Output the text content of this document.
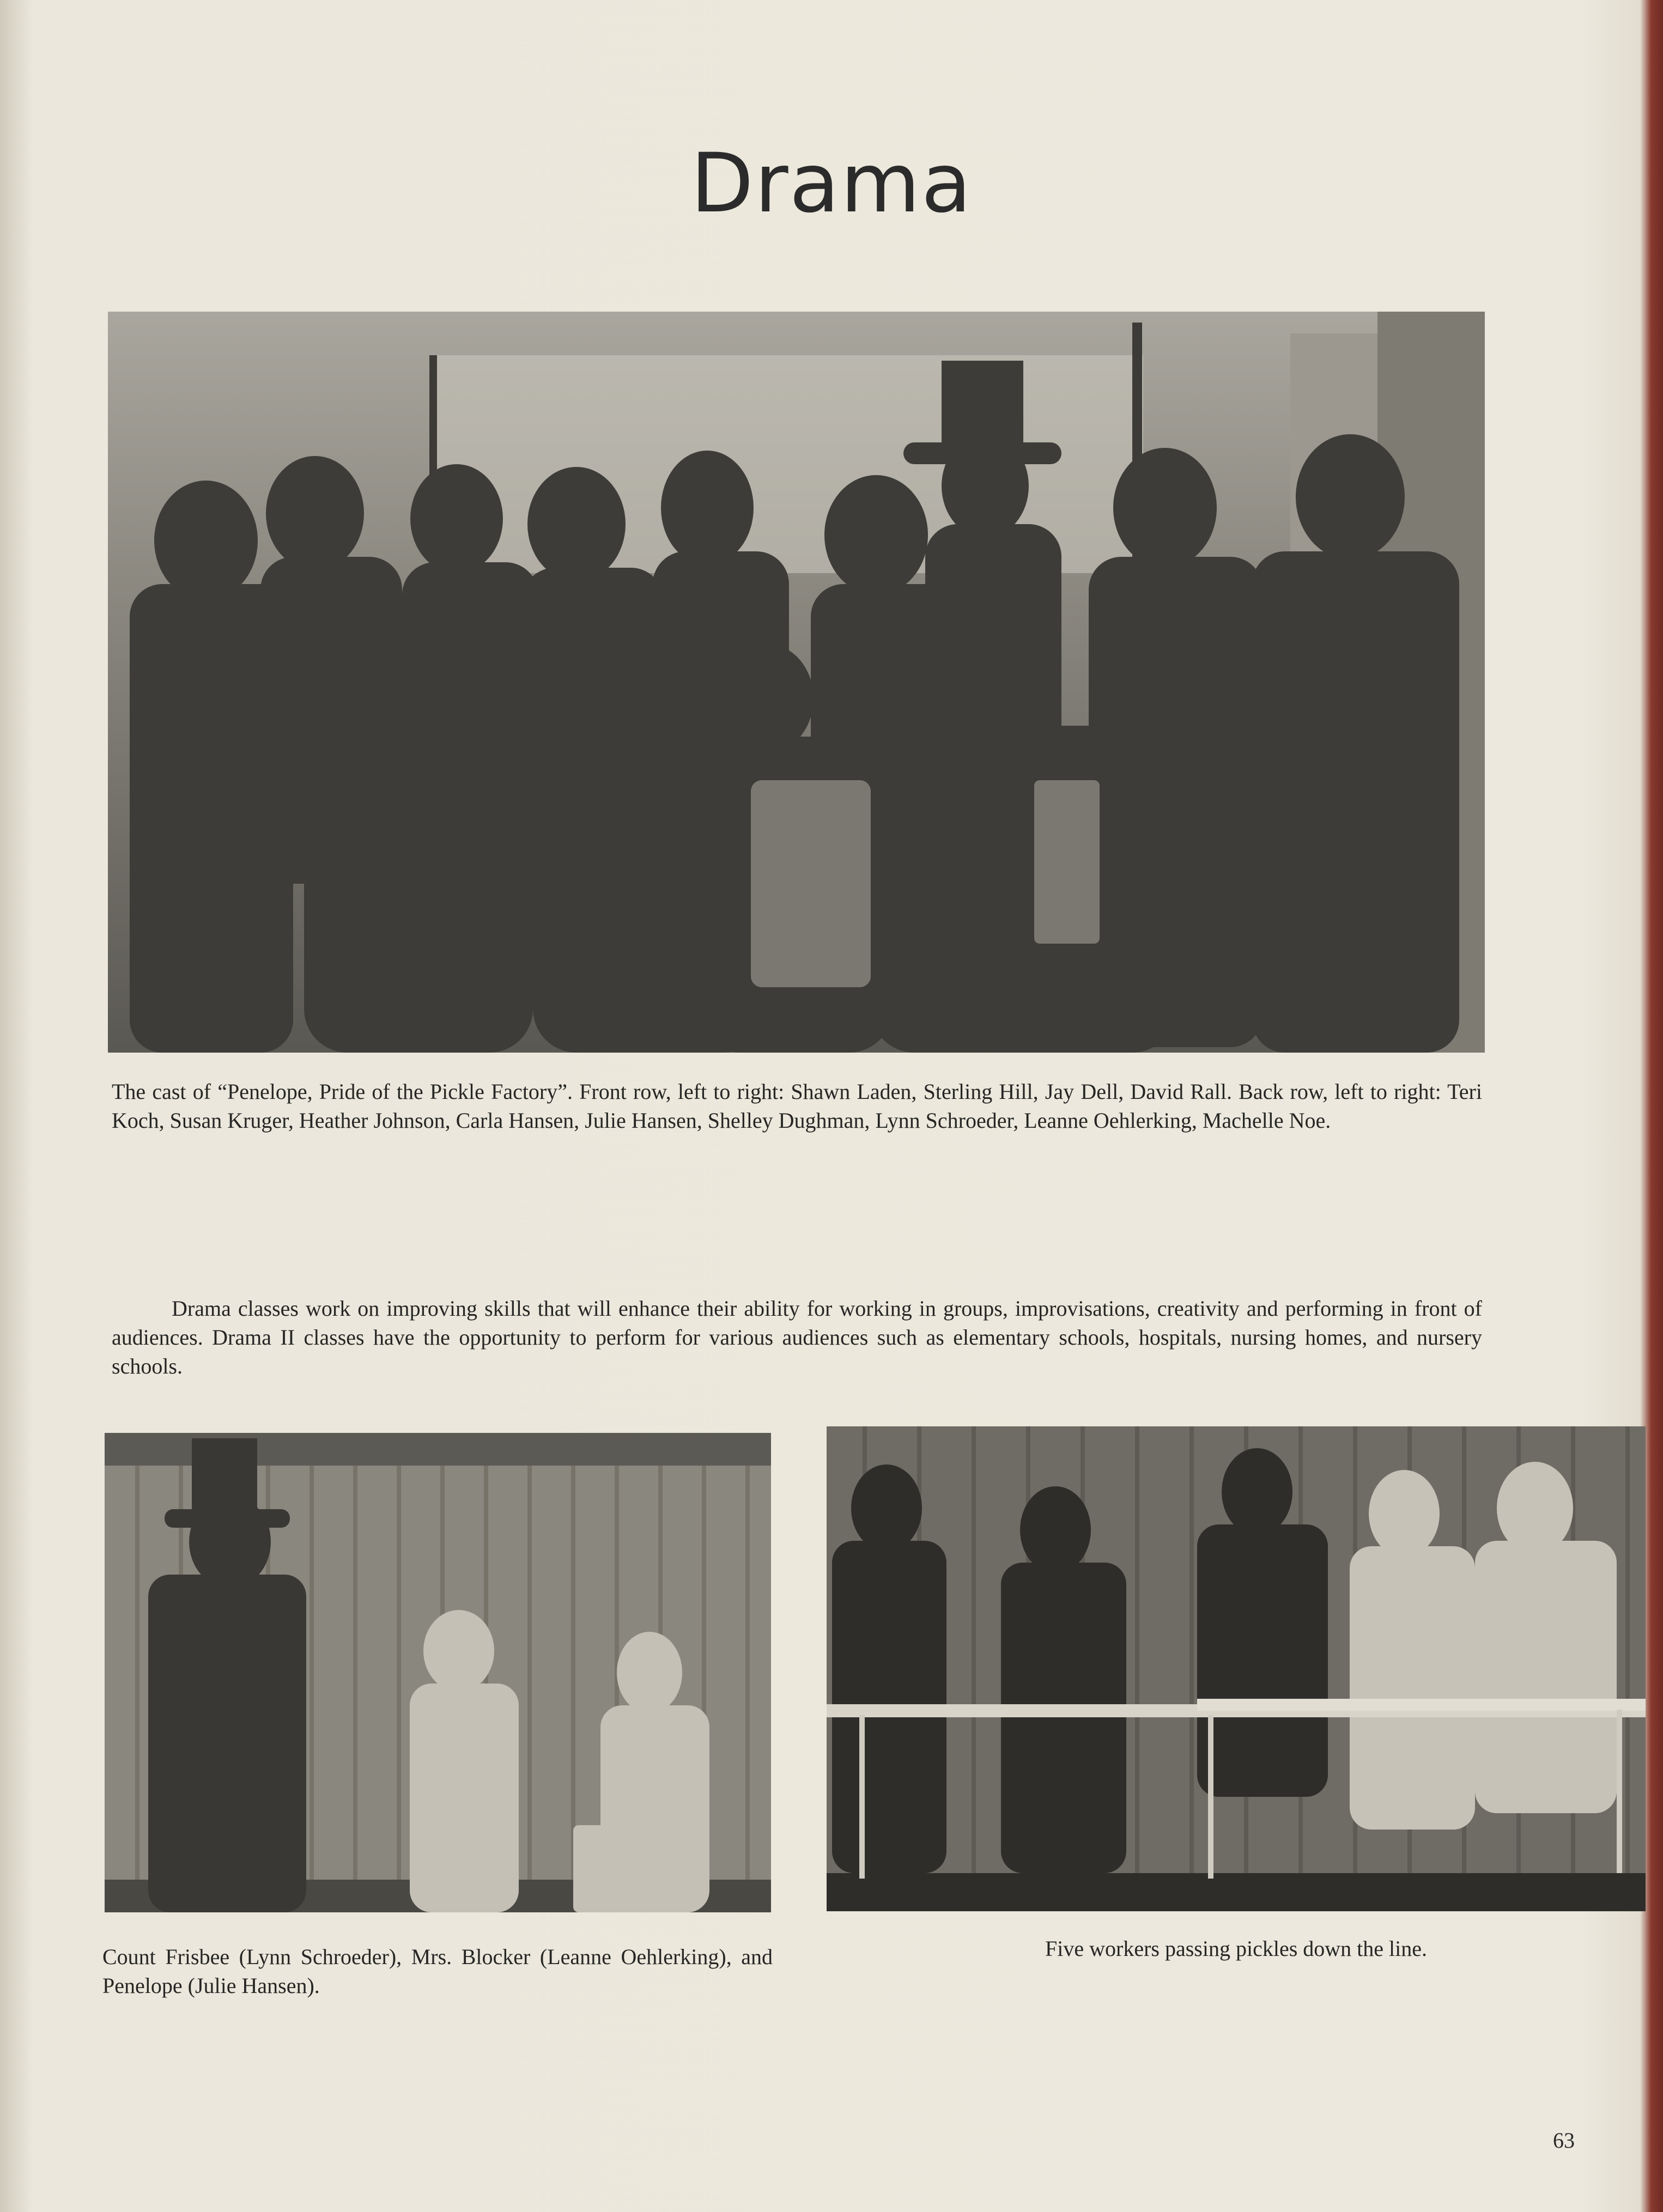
Drama
The cast of “Penelope, Pride of the Pickle Factory”. Front row, left to right: Shawn Laden, Sterling Hill, Jay Dell, David Rall. Back row, left to right: Teri Koch, Susan Kruger, Heather Johnson, Carla Hansen, Julie Hansen, Shelley Dughman, Lynn Schroeder, Leanne Oehlerking, Machelle Noe.
Drama classes work on improving skills that will enhance their ability for working in groups, improvisations, creativity and performing in front of audiences. Drama II classes have the opportunity to perform for various audiences such as elementary schools, hospitals, nursing homes, and nursery schools.
Count Frisbee (Lynn Schroeder), Mrs. Blocker (Leanne Oehlerking), and Penelope (Julie Hansen).
Five workers passing pickles down the line.
63
